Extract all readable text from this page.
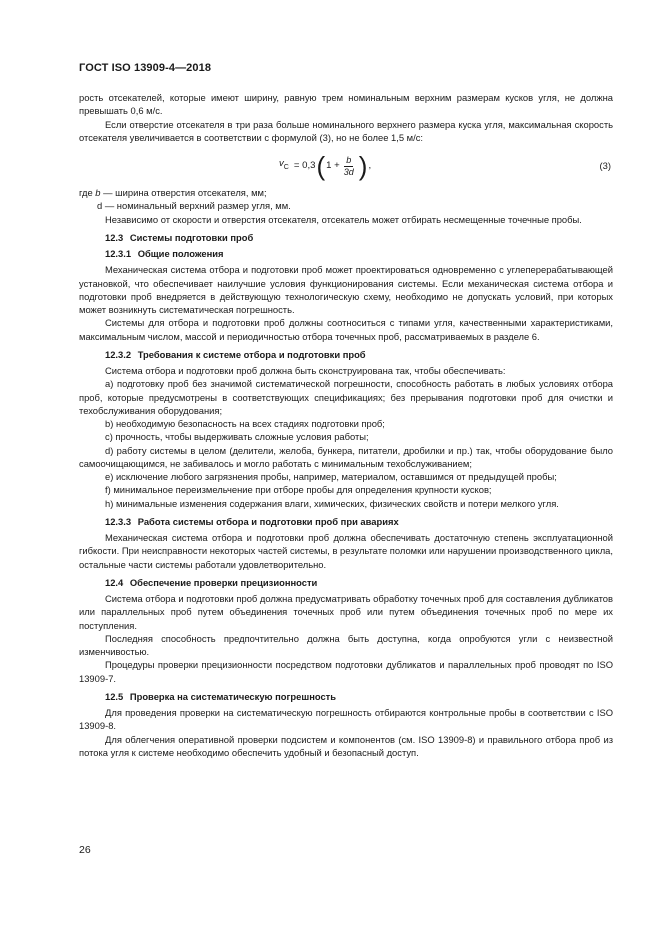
ГОСТ ISO 13909-4—2018

рость отсекателей, которые имеют ширину, равную трем номинальным верхним размерам кусков угля, не должна превышать 0,6 м/с.

Если отверстие отсекателя в три раза больше номинального верхнего размера куска угля, максимальная скорость отсекателя увеличивается в соответствии с формулой (3), но не более 1,5 м/с:

$v_C = 0,3$ ( $1 + \frac{b}{3d}$ ) ,	(3)

где b — ширина отверстия отсекателя, мм;

d — номинальный верхний размер угля, мм.

Независимо от скорости и отверстия отсекателя, отсекатель может отбирать несмещенные точечные пробы.

12.3 Системы подготовки проб

12.3.1 Общие положения

Механическая система отбора и подготовки проб может проектироваться одновременно с углеперерабатывающей установкой, что обеспечивает наилучшие условия функционирования системы. Если механическая система отбора и подготовки проб внедряется в действующую технологическую схему, необходимо не допускать условий, при которых может возникнуть систематическая погрешность.

Системы для отбора и подготовки проб должны соотноситься с типами угля, качественными характеристиками, максимальным числом, массой и периодичностью отбора точечных проб, рассматриваемых в разделе 6.

12.3.2 Требования к системе отбора и подготовки проб

Система отбора и подготовки проб должна быть сконструирована так, чтобы обеспечивать:

a) подготовку проб без значимой систематической погрешности, способность работать в любых условиях отбора проб, которые предусмотрены в соответствующих спецификациях; без прерывания подготовки проб для очистки и техобслуживания оборудования;

b) необходимую безопасность на всех стадиях подготовки проб;

c) прочность, чтобы выдерживать сложные условия работы;

d) работу системы в целом (делители, желоба, бункера, питатели, дробилки и пр.) так, чтобы оборудование было самоочищающимся, не забивалось и могло работать с минимальным техобслуживанием;

e) исключение любого загрязнения пробы, например, материалом, оставшимся от предыдущей пробы;

f) минимальное переизмельчение при отборе пробы для определения крупности кусков;

h) минимальные изменения содержания влаги, химических, физических свойств и потери мелкого угля.

12.3.3 Работа системы отбора и подготовки проб при авариях

Механическая система отбора и подготовки проб должна обеспечивать достаточную степень эксплуатационной гибкости. При неисправности некоторых частей системы, в результате поломки или нарушении производственного цикла, остальные части системы работали удовлетворительно.

12.4 Обеспечение проверки прецизионности

Система отбора и подготовки проб должна предусматривать обработку точечных проб для составления дубликатов или параллельных проб путем объединения точечных проб или путем объединения точечных проб по мере их поступления.

Последняя способность предпочтительно должна быть доступна, когда опробуются угли с неизвестной изменчивостью.

Процедуры проверки прецизионности посредством подготовки дубликатов и параллельных проб проводят по ISO 13909-7.

12.5 Проверка на систематическую погрешность

Для проведения проверки на систематическую погрешность отбираются контрольные пробы в соответствии с ISO 13909-8.

Для облегчения оперативной проверки подсистем и компонентов (см. ISO 13909-8) и правильного отбора проб из потока угля к системе необходимо обеспечить удобный и безопасный доступ.

26
